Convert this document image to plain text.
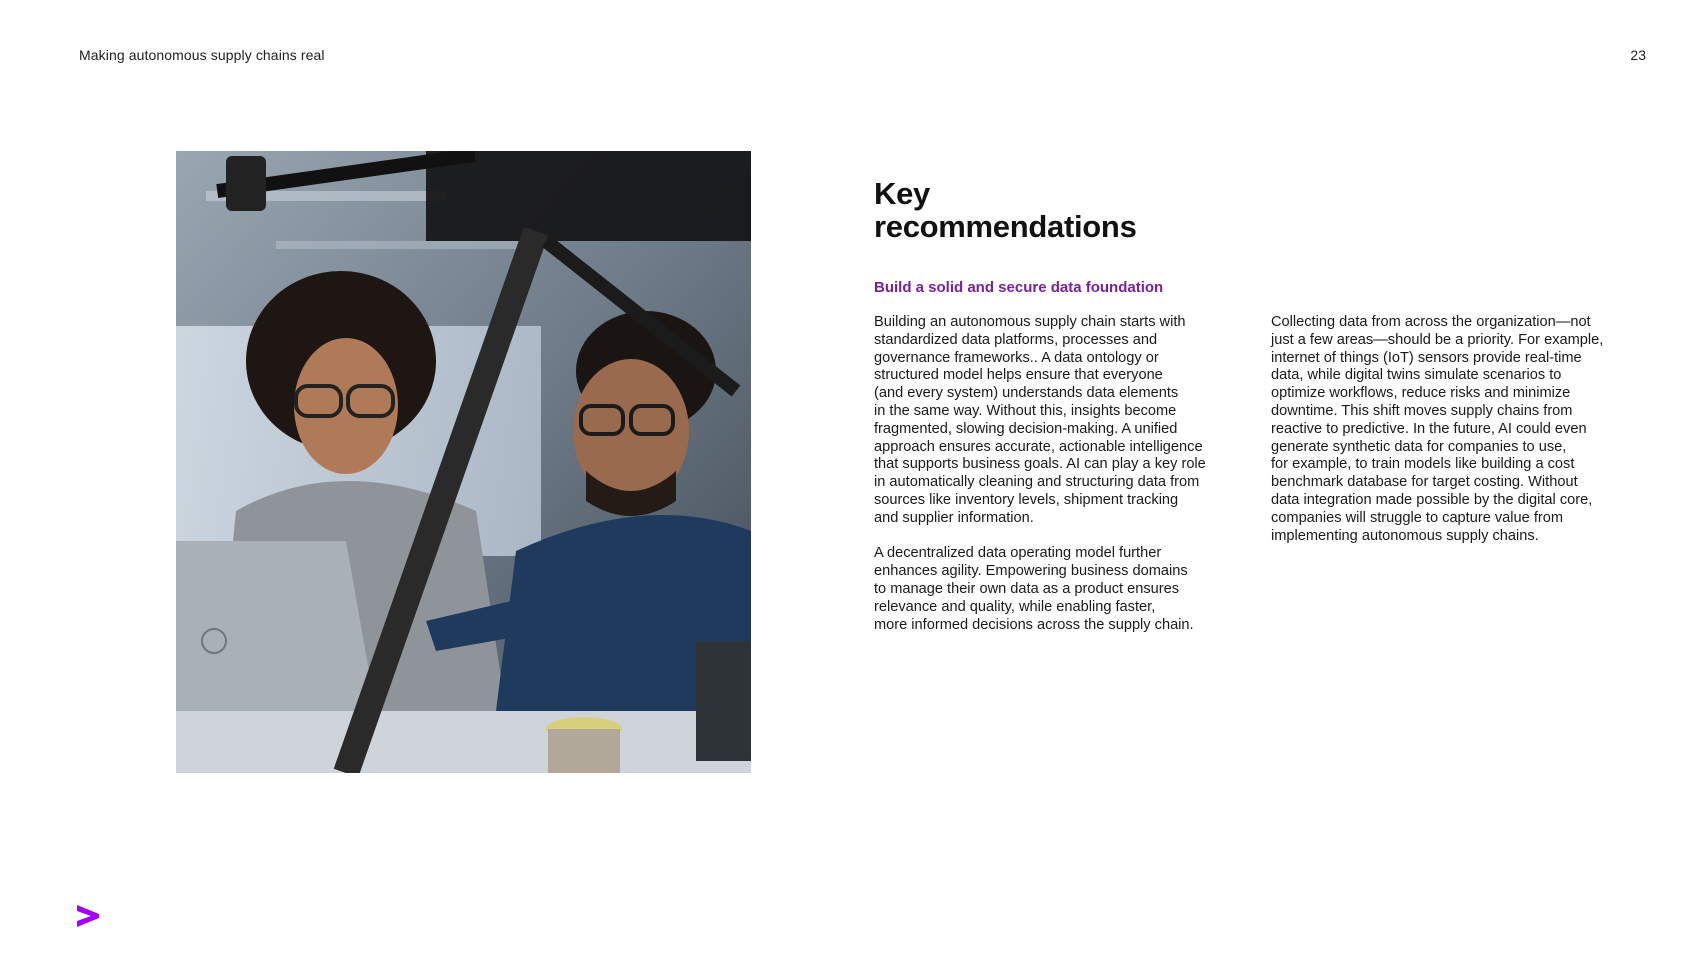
Making autonomous supply chains real	23
Key
recommendations
Build a solid and secure data foundation

Building an autonomous supply chain starts with
standardized data platforms, processes and
governance frameworks.. A data ontology or
structured model helps ensure that everyone
(and every system) understands data elements
in the same way. Without this, insights become
fragmented, slowing decision-making. A unified
approach ensures accurate, actionable intelligence
that supports business goals. AI can play a key role
in automatically cleaning and structuring data from
sources like inventory levels, shipment tracking
and supplier information.

A decentralized data operating model further
enhances agility. Empowering business domains
to manage their own data as a product ensures
relevance and quality, while enabling faster,
more informed decisions across the supply chain.

Collecting data from across the organization—not
just a few areas—should be a priority. For example,
internet of things (IoT) sensors provide real-time
data, while digital twins simulate scenarios to
optimize workflows, reduce risks and minimize
downtime. This shift moves supply chains from
reactive to predictive. In the future, AI could even
generate synthetic data for companies to use,
for example, to train models like building a cost
benchmark database for target costing. Without
data integration made possible by the digital core,
companies will struggle to capture value from
implementing autonomous supply chains.
